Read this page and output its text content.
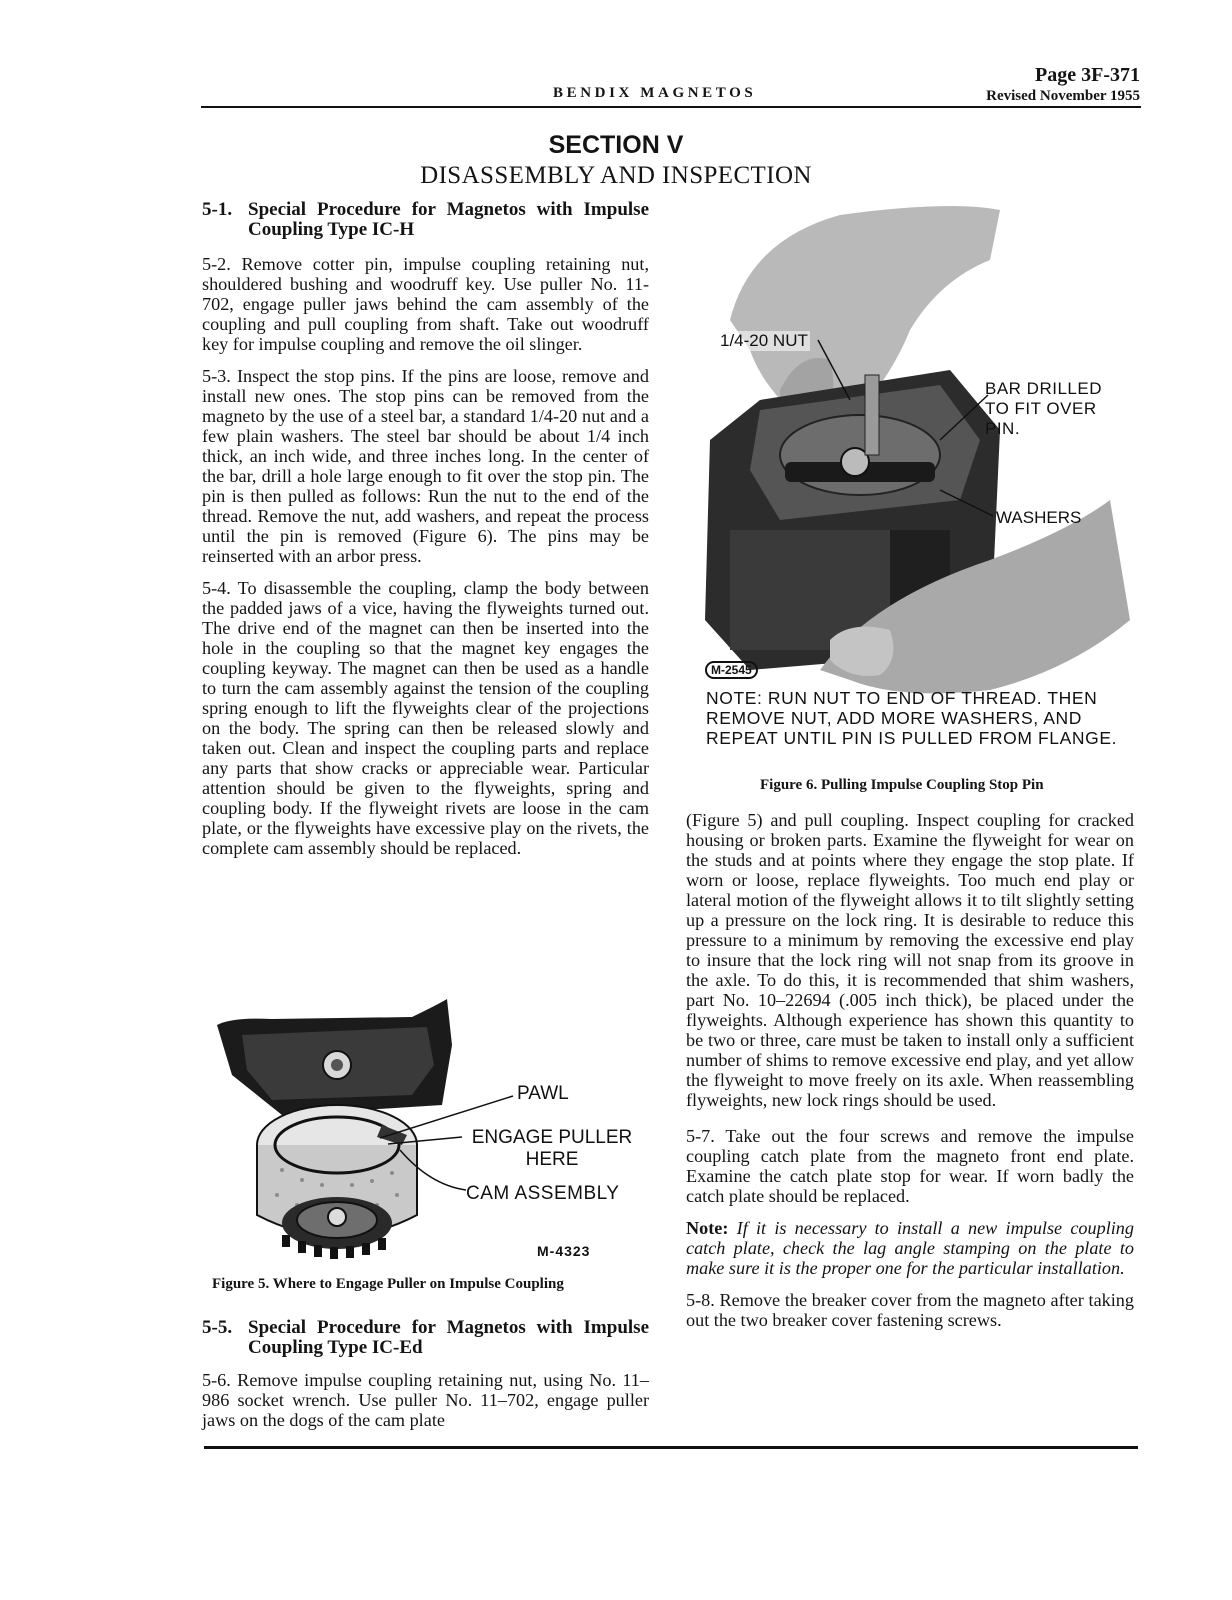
BENDIX MAGNETOS
Page 3F-371
Revised November 1955
SECTION V
DISASSEMBLY AND INSPECTION
5-1. Special Procedure for Magnetos with Impulse Coupling Type IC-H

5-2. Remove cotter pin, impulse coupling retaining nut, shouldered bushing and woodruff key. Use puller No. 11-702, engage puller jaws behind the cam assembly of the coupling and pull coupling from shaft. Take out woodruff key for impulse coupling and remove the oil slinger.

5-3. Inspect the stop pins. If the pins are loose, remove and install new ones. The stop pins can be removed from the magneto by the use of a steel bar, a standard 1/4-20 nut and a few plain washers. The steel bar should be about 1/4 inch thick, an inch wide, and three inches long. In the center of the bar, drill a hole large enough to fit over the stop pin. The pin is then pulled as follows: Run the nut to the end of the thread. Remove the nut, add washers, and repeat the process until the pin is removed (Figure 6). The pins may be reinserted with an arbor press.

5-4. To disassemble the coupling, clamp the body between the padded jaws of a vice, having the flyweights turned out. The drive end of the magnet can then be inserted into the hole in the coupling so that the magnet key engages the coupling keyway. The magnet can then be used as a handle to turn the cam assembly against the tension of the coupling spring enough to lift the flyweights clear of the projections on the body. The spring can then be released slowly and taken out. Clean and inspect the coupling parts and replace any parts that show cracks or appreciable wear. Particular attention should be given to the flyweights, spring and coupling body. If the flyweight rivets are loose in the cam plate, or the flyweights have excessive play on the rivets, the complete cam assembly should be replaced.

PAWL
ENGAGE PULLER HERE
CAM ASSEMBLY
M-4323
Figure 5. Where to Engage Puller on Impulse Coupling
5-5. Special Procedure for Magnetos with Impulse Coupling Type IC-Ed

5-6. Remove impulse coupling retaining nut, using No. 11–986 socket wrench. Use puller No. 11–702, engage puller jaws on the dogs of the cam plate

1/4-20 NUT
BAR DRILLED TO FIT OVER PIN.
WASHERS
M-2545
NOTE: RUN NUT TO END OF THREAD. THEN REMOVE NUT, ADD MORE WASHERS, AND REPEAT UNTIL PIN IS PULLED FROM FLANGE.
Figure 6. Pulling Impulse Coupling Stop Pin

(Figure 5) and pull coupling. Inspect coupling for cracked housing or broken parts. Examine the flyweight for wear on the studs and at points where they engage the stop plate. If worn or loose, replace flyweights. Too much end play or lateral motion of the flyweight allows it to tilt slightly setting up a pressure on the lock ring. It is desirable to reduce this pressure to a minimum by removing the excessive end play to insure that the lock ring will not snap from its groove in the axle. To do this, it is recommended that shim washers, part No. 10–22694 (.005 inch thick), be placed under the flyweights. Although experience has shown this quantity to be two or three, care must be taken to install only a sufficient number of shims to remove excessive end play, and yet allow the flyweight to move freely on its axle. When reassembling flyweights, new lock rings should be used.

5-7. Take out the four screws and remove the impulse coupling catch plate from the magneto front end plate. Examine the catch plate stop for wear. If worn badly the catch plate should be replaced.

Note: If it is necessary to install a new impulse coupling catch plate, check the lag angle stamping on the plate to make sure it is the proper one for the particular installation.

5-8. Remove the breaker cover from the magneto after taking out the two breaker cover fastening screws.
